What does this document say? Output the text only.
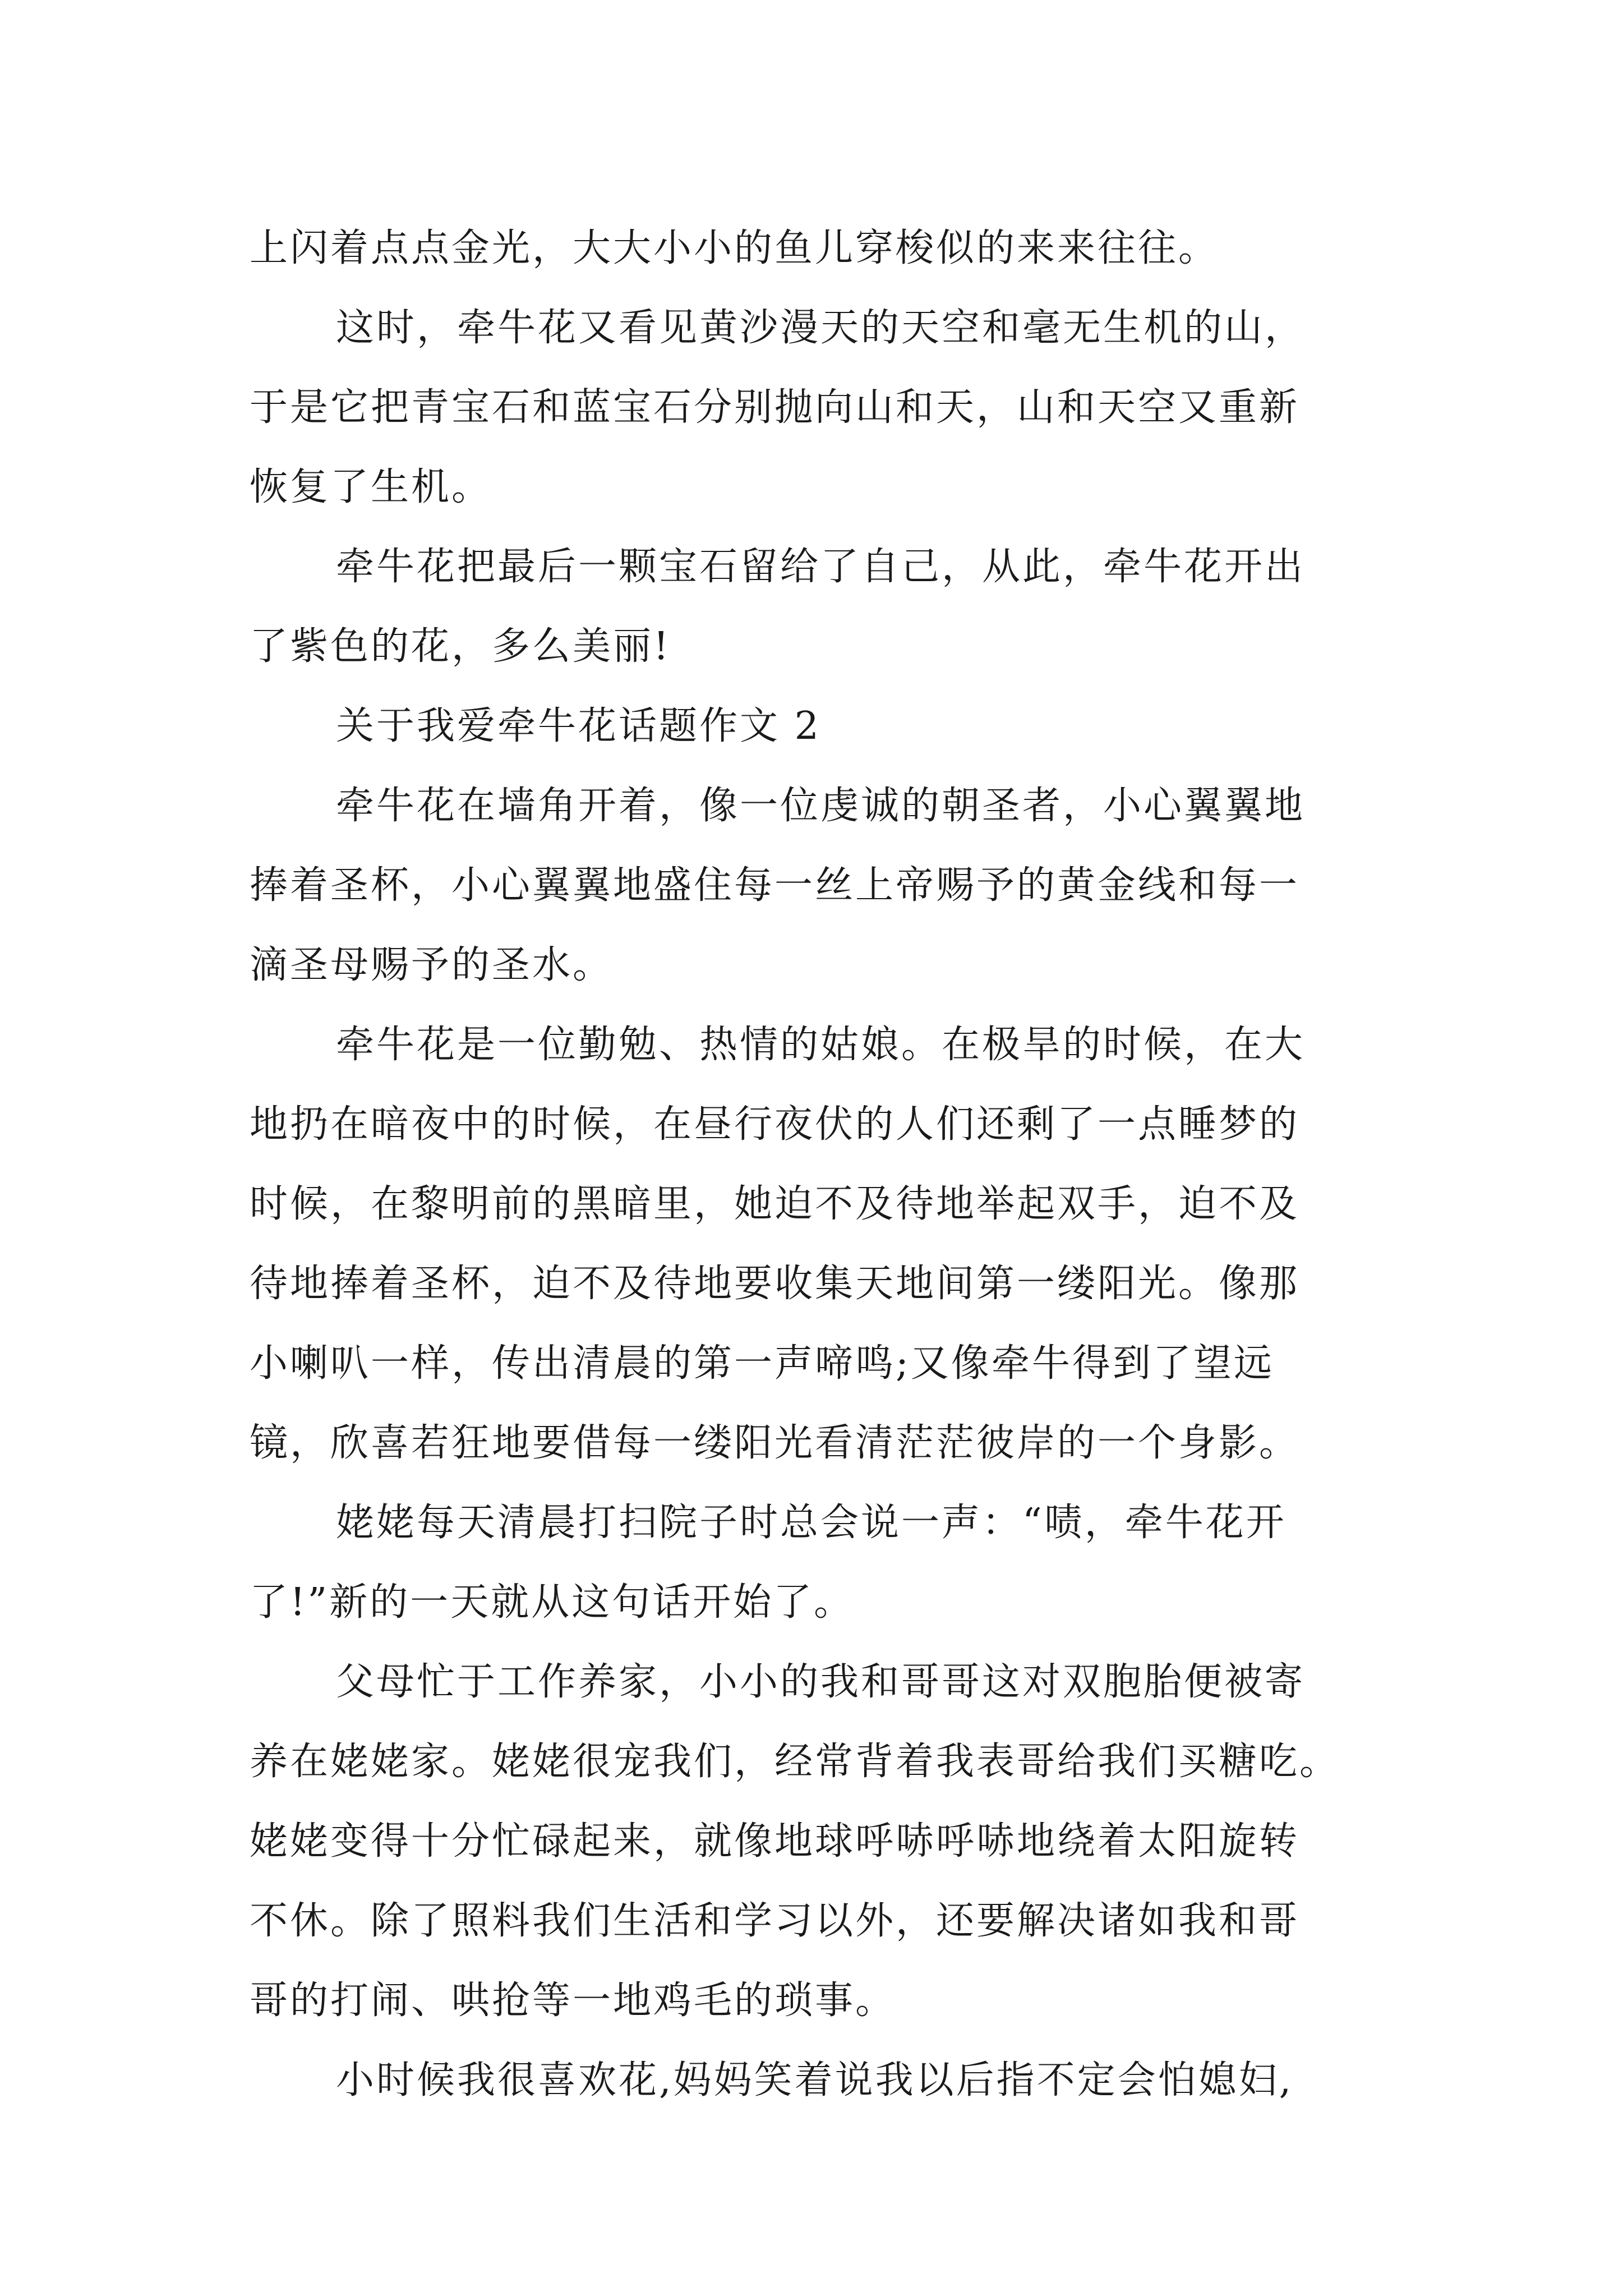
上闪着点点金光，大大小小的鱼儿穿梭似的来来往往。
这时，牵牛花又看见黄沙漫天的天空和毫无生机的山，
于是它把青宝石和蓝宝石分别抛向山和天，山和天空又重新
恢复了生机。
牵牛花把最后一颗宝石留给了自己，从此，牵牛花开出
了紫色的花，多么美丽!
关于我爱牵牛花话题作文 2
牵牛花在墙角开着，像一位虔诚的朝圣者，小心翼翼地
捧着圣杯，小心翼翼地盛住每一丝上帝赐予的黄金线和每一
滴圣母赐予的圣水。
牵牛花是一位勤勉、热情的姑娘。在极旱的时候，在大
地扔在暗夜中的时候，在昼行夜伏的人们还剩了一点睡梦的
时候，在黎明前的黑暗里，她迫不及待地举起双手，迫不及
待地捧着圣杯，迫不及待地要收集天地间第一缕阳光。像那
小喇叭一样，传出清晨的第一声啼鸣;又像牵牛得到了望远
镜，欣喜若狂地要借每一缕阳光看清茫茫彼岸的一个身影。
姥姥每天清晨打扫院子时总会说一声：“啧，牵牛花开
了!”新的一天就从这句话开始了。
父母忙于工作养家，小小的我和哥哥这对双胞胎便被寄
养在姥姥家。姥姥很宠我们，经常背着我表哥给我们买糖吃。
姥姥变得十分忙碌起来，就像地球呼哧呼哧地绕着太阳旋转
不休。除了照料我们生活和学习以外，还要解决诸如我和哥
哥的打闹、哄抢等一地鸡毛的琐事。
小时候我很喜欢花,妈妈笑着说我以后指不定会怕媳妇,
